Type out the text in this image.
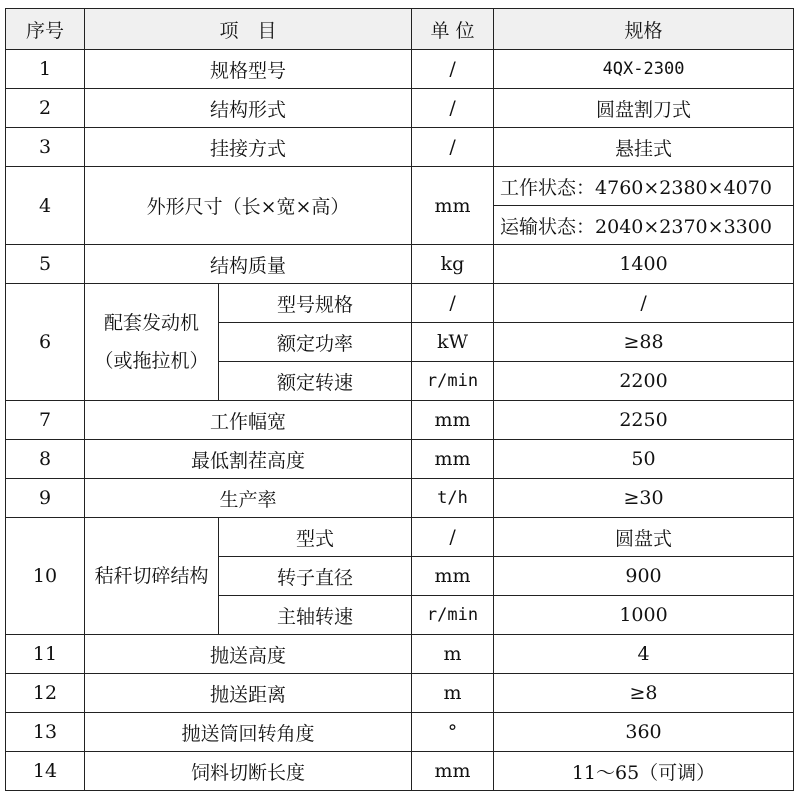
序号	项　目		单 位	规格
1	规格型号		/	4QX-2300
2	结构形式		/	圆盘割刀式
3	挂接方式		/	悬挂式
4	外形尺寸（长×宽×高）		mm	工作状态：4760×2380×4070
				运输状态：2040×2370×3300
5	结构质量		kg	1400
6	配套发动机（或拖拉机）	型号规格	/	/
		额定功率	kW	≥88
		额定转速	r/min	2200
7	工作幅宽		mm	2250
8	最低割茬高度		mm	50
9	生产率		t/h	≥30
10	秸秆切碎结构	型式	/	圆盘式
		转子直径	mm	900
		主轴转速	r/min	1000
11	抛送高度		m	4
12	抛送距离		m	≥8
13	抛送筒回转角度		°	360
14	饲料切断长度		mm	11～65（可调）
